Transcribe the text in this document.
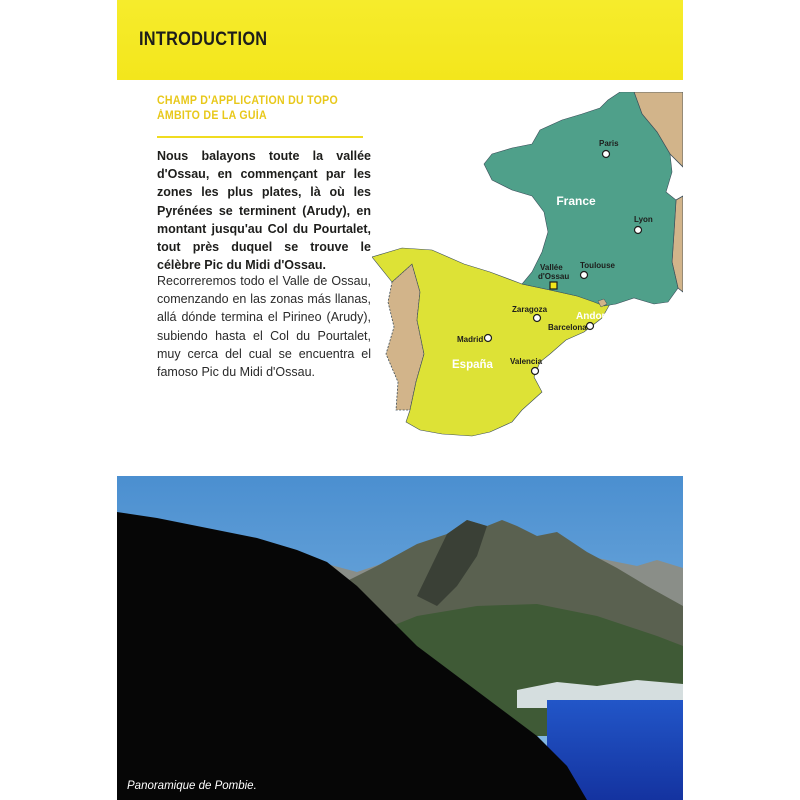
INTRODUCTION
CHAMP D'APPLICATION DU TOPO
ÁMBITO DE LA GUÍA
Nous balayons toute la vallée d'Ossau, en commençant par les zones les plus plates, là où les Pyrénées se terminent (Arudy), en montant jusqu'au Col du Pourtalet, tout près duquel se trouve le célèbre Pic du Midi d'Ossau.
Recorreremos todo el Valle de Ossau, comenzando en las zonas más llanas, allá dónde termina el Pirineo (Arudy), subiendo hasta el Col du Pourtalet, muy cerca del cual se encuentra el famoso Pic du Midi d'Ossau.
France
España
Andorra
Paris
Lyon
Toulouse
Zaragoza
Barcelona
Madrid
Valencia
Vallée
d'Ossau
Panoramique de Pombie.
